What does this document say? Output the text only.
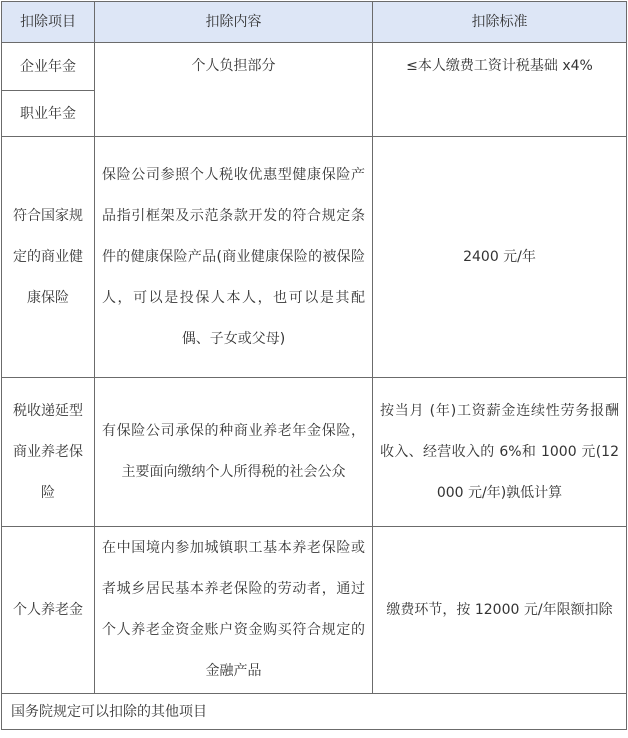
扣除项目	扣除内容	扣除标准
企业年金	个人负担部分	≤本人缴费工资计税基础 x4%
职业年金		
符合国家规定的商业健康保险	保险公司参照个人税收优惠型健康保险产品指引框架及示范条款开发的符合规定条件的健康保险产品(商业健康保险的被保险人，可以是投保人本人，也可以是其配偶、子女或父母)	2400 元/年
税收递延型商业养老保险	有保险公司承保的种商业养老年金保险，主要面向缴纳个人所得税的社会公众	按当月 (年)工资薪金连续性劳务报酬收入、经营收入的 6%和 1000 元(12000 元/年)孰低计算
个人养老金	在中国境内参加城镇职工基本养老保险或者城乡居民基本养老保险的劳动者，通过个人养老金资金账户资金购买符合规定的金融产品	缴费环节，按 12000 元/年限额扣除
国务院规定可以扣除的其他项目		
